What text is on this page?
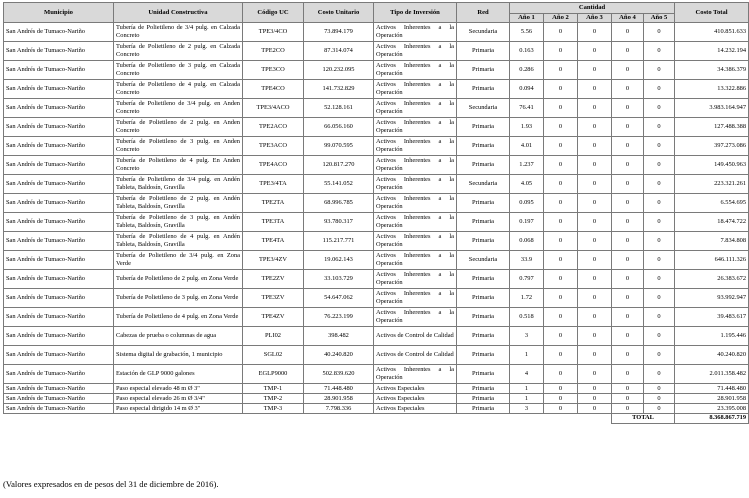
Municipio	Unidad Constructiva	Código UC	Costo Unitario	Tipo de Inversión	Red	Cantidad					Costo Total
						Año 1	Año 2	Año 3	Año 4	Año 5	
San Andrés de Tumaco-Nariño	Tubería de Polietileno de 3/4 pulg. en Calzada Concreto	TPE3/4CO	73.894.179	Activos Inherentes a la Operación	Secundaria	5.56	0	0	0	0	410.851.633
San Andrés de Tumaco-Nariño	Tubería de Polietileno de 2 pulg. en Calzada Concreto	TPE2CO	87.314.074	Activos Inherentes a la Operación	Primaria	0.163	0	0	0	0	14.232.194
San Andrés de Tumaco-Nariño	Tubería de Polietileno de 3 pulg. en Calzada Concreto	TPE3CO	120.232.095	Activos Inherentes a la Operación	Primaria	0.286	0	0	0	0	34.386.379
San Andrés de Tumaco-Nariño	Tubería de Polietileno de 4 pulg. en Calzada Concreto	TPE4CO	141.732.829	Activos Inherentes a la Operación	Primaria	0.094	0	0	0	0	13.322.886
San Andrés de Tumaco-Nariño	Tubería de Polietileno de 3/4 pulg. en Anden Concreto	TPE3/4ACO	52.128.161	Activos Inherentes a la Operación	Secundaria	76.41	0	0	0	0	3.983.164.947
San Andrés de Tumaco-Nariño	Tubería de Polietileno de 2 pulg. en Anden Concreto	TPE2ACO	66.056.160	Activos Inherentes a la Operación	Primaria	1.93	0	0	0	0	127.488.388
San Andrés de Tumaco-Nariño	Tubería de Polietileno de 3 pulg. en Anden Concreto	TPE3ACO	99.070.595	Activos Inherentes a la Operación	Primaria	4.01	0	0	0	0	397.273.086
San Andrés de Tumaco-Nariño	Tubería de Polietileno de 4 pulg. En Anden Concreto	TPE4ACO	120.817.270	Activos Inherentes a la Operación	Primaria	1.237	0	0	0	0	149.450.963
San Andrés de Tumaco-Nariño	Tubería de Polietileno de 3/4 pulg. en Andén Tableta, Baldosín, Gravilla	TPE3/4TA	55.141.052	Activos Inherentes a la Operación	Secundaria	4.05	0	0	0	0	223.321.261
San Andrés de Tumaco-Nariño	Tubería de Polietileno de 2 pulg. en Andén Tableta, Baldosín, Gravilla	TPE2TA	68.996.785	Activos Inherentes a la Operación	Primaria	0.095	0	0	0	0	6.554.695
San Andrés de Tumaco-Nariño	Tubería de Polietileno de 3 pulg. en Andén Tableta, Baldosín, Gravilla	TPE3TA	93.780.317	Activos Inherentes a la Operación	Primaria	0.197	0	0	0	0	18.474.722
San Andrés de Tumaco-Nariño	Tubería de Polietileno de 4 pulg. en Andén Tableta, Baldosín, Gravilla	TPE4TA	115.217.771	Activos Inherentes a la Operación	Primaria	0.068	0	0	0	0	7.834.808
San Andrés de Tumaco-Nariño	Tubería de Polietileno de 3/4 pulg. en Zona Verde	TPE3/4ZV	19.062.143	Activos Inherentes a la Operación	Secundaria	33.9	0	0	0	0	646.111.326
San Andrés de Tumaco-Nariño	Tubería de Polietileno de 2 pulg. en Zona Verde	TPE2ZV	33.103.729	Activos Inherentes a la Operación	Primaria	0.797	0	0	0	0	26.383.672
San Andrés de Tumaco-Nariño	Tubería de Polietileno de 3 pulg. en Zona Verde	TPE3ZV	54.647.062	Activos Inherentes a la Operación	Primaria	1.72	0	0	0	0	93.992.947
San Andrés de Tumaco-Nariño	Tubería de Polietileno de 4 pulg. en Zona Verde	TPE4ZV	76.223.199	Activos Inherentes a la Operación	Primaria	0.518	0	0	0	0	39.483.617
San Andrés de Tumaco-Nariño	Cabezas de prueba o columnas de agua	PLI02	398.482	Activos de Control de Calidad	Primaria	3	0	0	0	0	1.195.446
San Andrés de Tumaco-Nariño	Sistema digital de grabación, 1 municipio	SGL02	40.240.820	Activos de Control de Calidad	Primaria	1	0	0	0	0	40.240.820
San Andrés de Tumaco-Nariño	Estación de GLP 9000 galones	EGLP9000	502.839.620	Activos Inherentes a la Operación	Primaria	4	0	0	0	0	2.011.358.482
San Andrés de Tumaco-Nariño	Paso especial elevado 48 m Ø 3"	TMP-1	71.448.480	Activos Especiales	Primaria	1	0	0	0	0	71.448.480
San Andrés de Tumaco-Nariño	Paso especial elevado 26 m Ø 3/4"	TMP-2	28.901.958	Activos Especiales	Primaria	1	0	0	0	0	28.901.958
San Andrés de Tumaco-Nariño	Paso especial dirigido 14 m Ø 3"	TMP-3	7.798.336	Activos Especiales	Primaria	3	0	0	0	0	23.395.008
									TOTAL		8.368.867.719
(Valores expresados en de pesos del 31 de diciembre de 2016).
